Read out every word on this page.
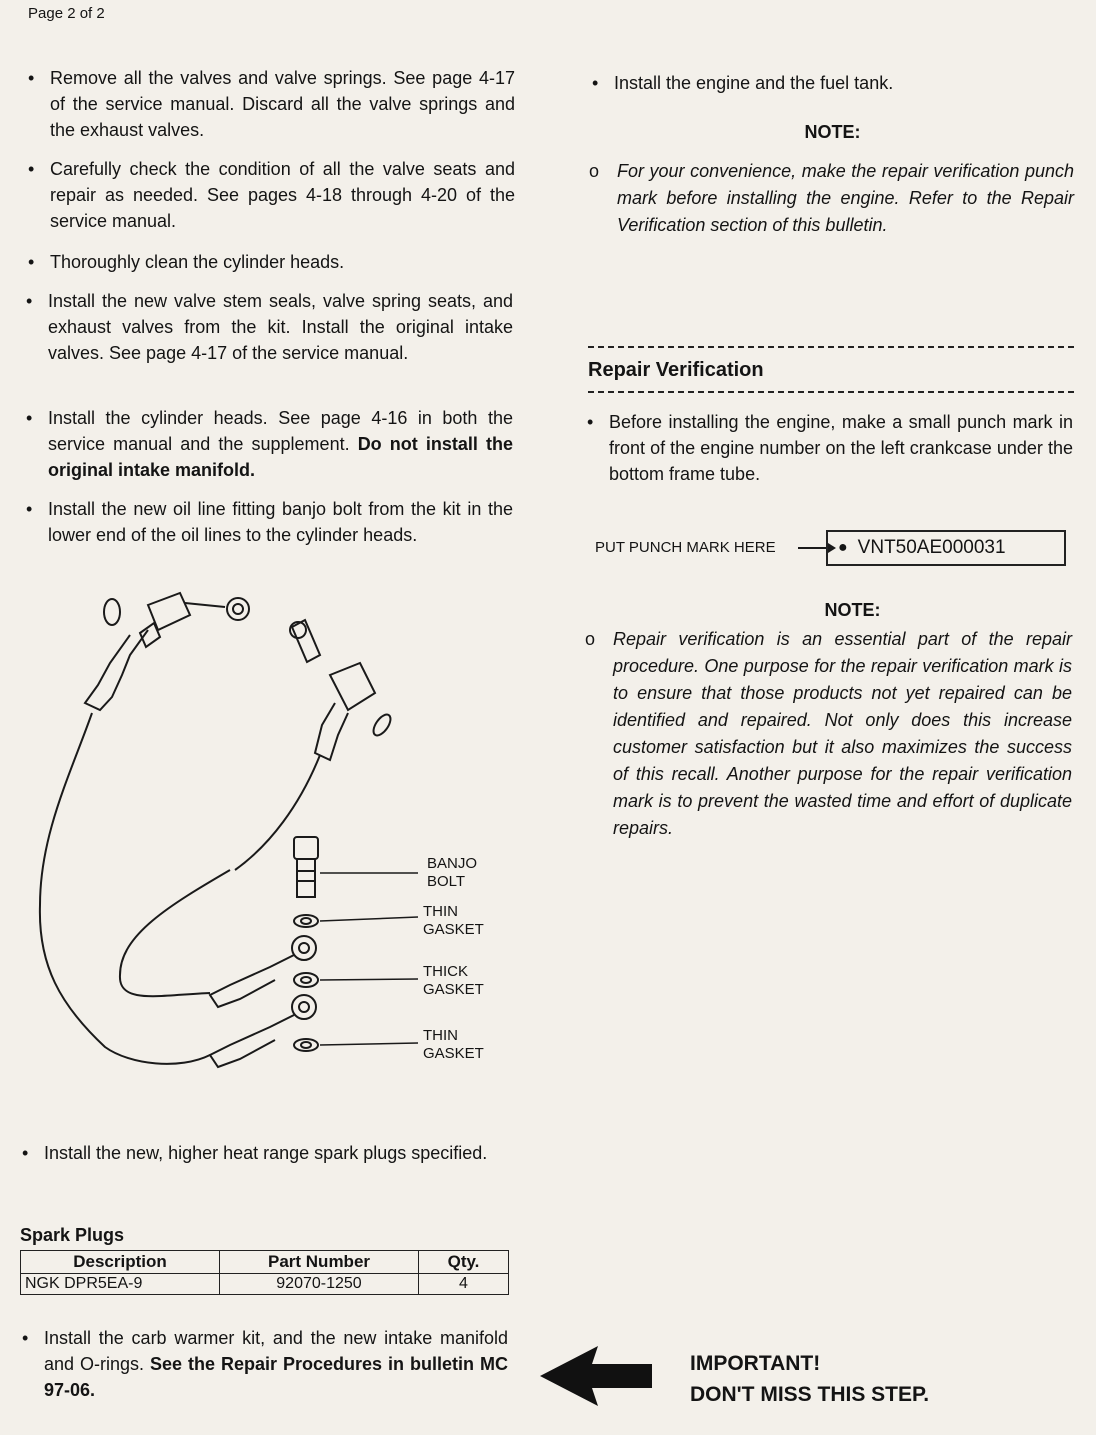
Page 2 of 2
• Remove all the valves and valve springs. See page 4-17 of the service manual. Discard all the valve springs and the exhaust valves.
• Carefully check the condition of all the valve seats and repair as needed. See pages 4-18 through 4-20 of the service manual.
• Thoroughly clean the cylinder heads.
• Install the new valve stem seals, valve spring seats, and exhaust valves from the kit. Install the original intake valves. See page 4-17 of the service manual.
• Install the cylinder heads. See page 4-16 in both the service manual and the supplement. Do not install the original intake manifold.
• Install the new oil line fitting banjo bolt from the kit in the lower end of the oil lines to the cylinder heads.
BANJO
BOLT
THIN
GASKET
THICK
GASKET
THIN
GASKET
• Install the new, higher heat range spark plugs specified.
Spark Plugs
Description	Part Number	Qty.
NGK DPR5EA-9	92070-1250	4
• Install the carb warmer kit, and the new intake manifold and O-rings. See the Repair Procedures in bulletin MC 97-06.
• Install the engine and the fuel tank.
NOTE:
o For your convenience, make the repair verification punch mark before installing the engine. Refer to the Repair Verification section of this bulletin.
Repair Verification
• Before installing the engine, make a small punch mark in front of the engine number on the left crankcase under the bottom frame tube.
PUT PUNCH MARK HERE	● VNT50AE000031
NOTE:
o Repair verification is an essential part of the repair procedure. One purpose for the repair verification mark is to ensure that those products not yet repaired can be identified and repaired. Not only does this increase customer satisfaction but it also maximizes the success of this recall. Another purpose for the repair verification mark is to prevent the wasted time and effort of duplicate repairs.
IMPORTANT!
DON'T MISS THIS STEP.
